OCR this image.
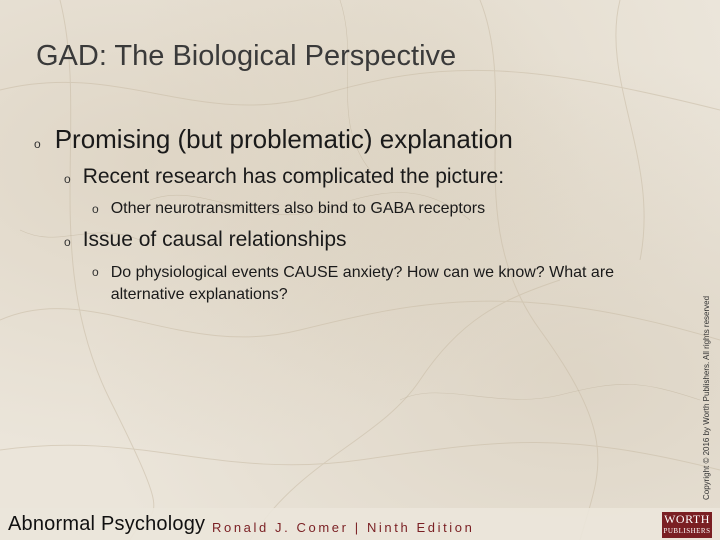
GAD: The Biological Perspective
o Promising (but problematic) explanation
o Recent research has complicated the picture:
o Other neurotransmitters also bind to GABA receptors
o Issue of causal relationships
o Do physiological events CAUSE anxiety? How can we know? What are alternative explanations?
Copyright © 2016 by Worth Publishers. All rights reserved
Abnormal Psychology Ronald J. Comer | Ninth Edition
WORTH
PUBLISHERS
